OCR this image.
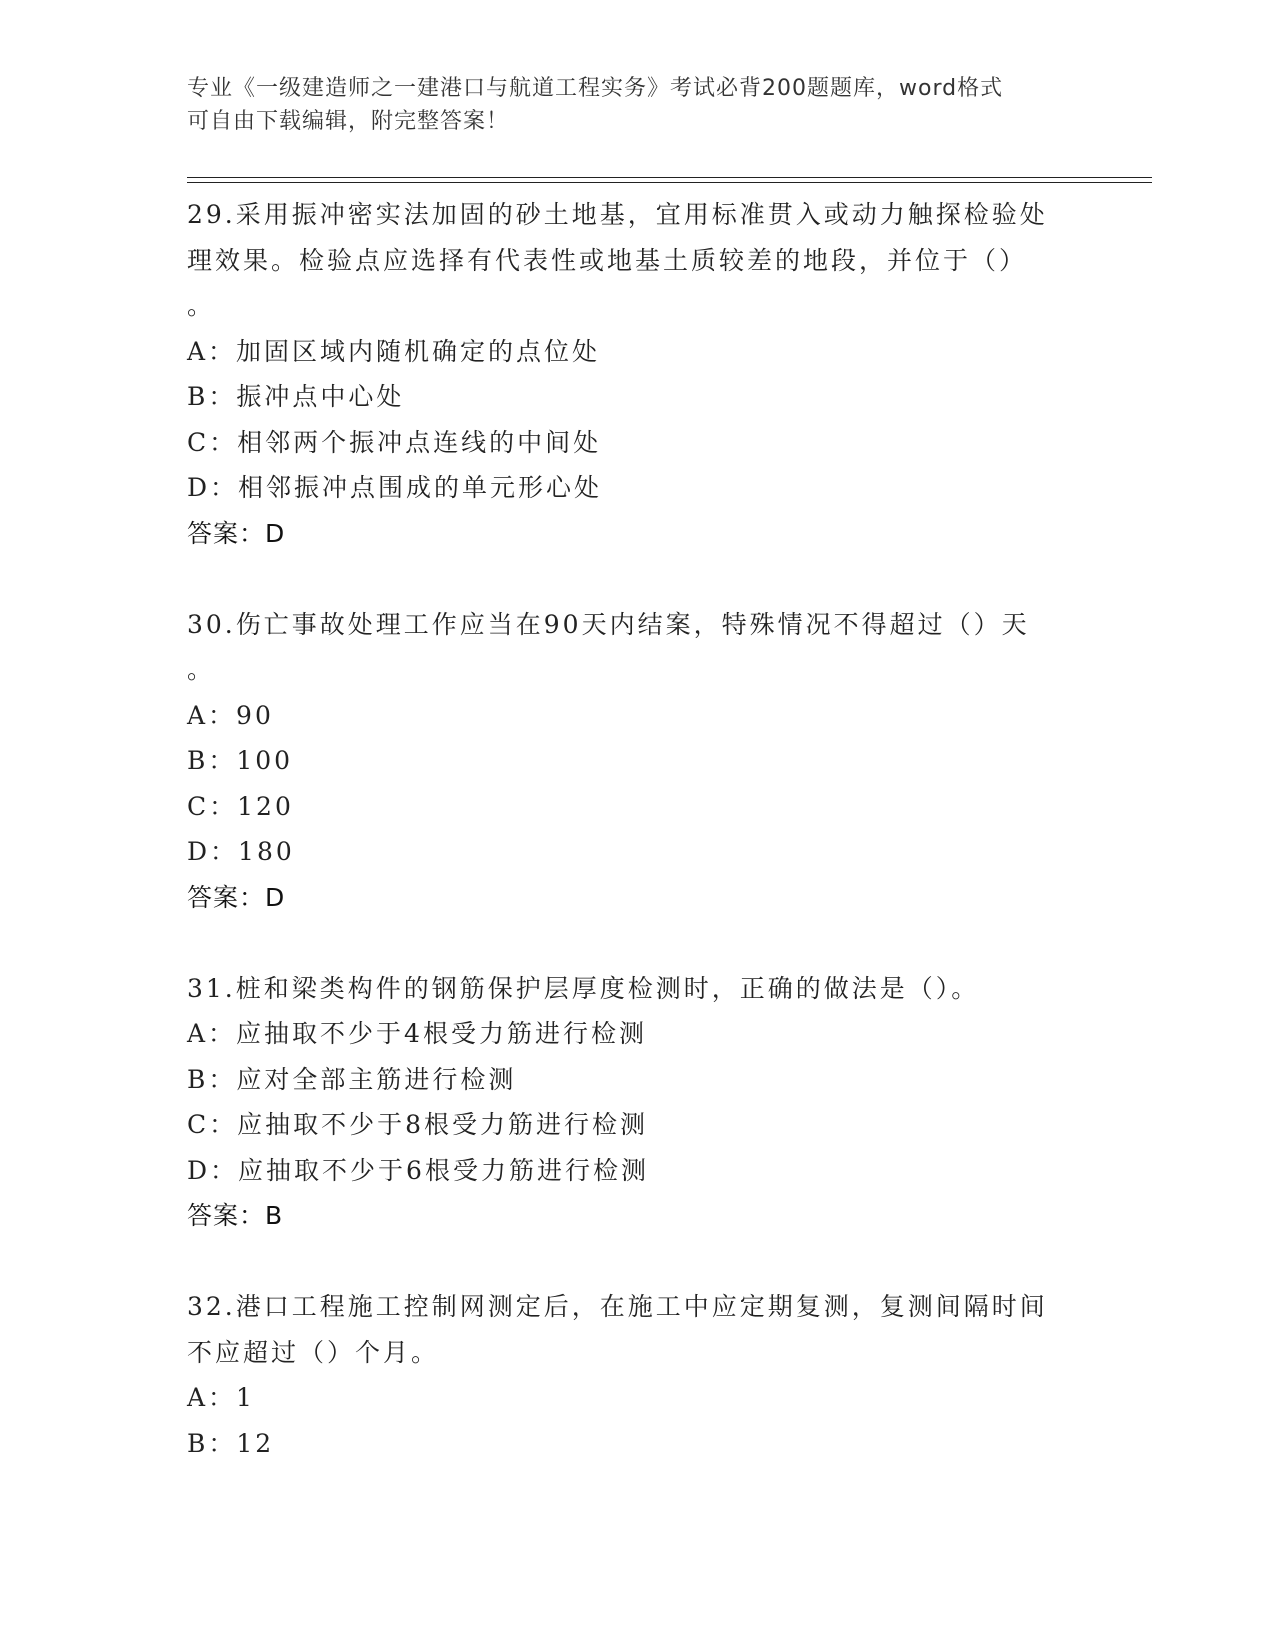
专业《一级建造师之一建港口与航道工程实务》考试必背200题题库，word格式
可自由下载编辑，附完整答案！
29.采用振冲密实法加固的砂土地基，宜用标准贯入或动力触探检验处
理效果。检验点应选择有代表性或地基土质较差的地段，并位于（）
。
A：加固区域内随机确定的点位处
B：振冲点中心处
C：相邻两个振冲点连线的中间处
D：相邻振冲点围成的单元形心处
答案：D
30.伤亡事故处理工作应当在90天内结案，特殊情况不得超过（）天
。
A：90
B：100
C：120
D：180
答案：D
31.桩和梁类构件的钢筋保护层厚度检测时，正确的做法是（）。
A：应抽取不少于4根受力筋进行检测
B：应对全部主筋进行检测
C：应抽取不少于8根受力筋进行检测
D：应抽取不少于6根受力筋进行检测
答案：B
32.港口工程施工控制网测定后，在施工中应定期复测，复测间隔时间
不应超过（）个月。
A：1
B：12
